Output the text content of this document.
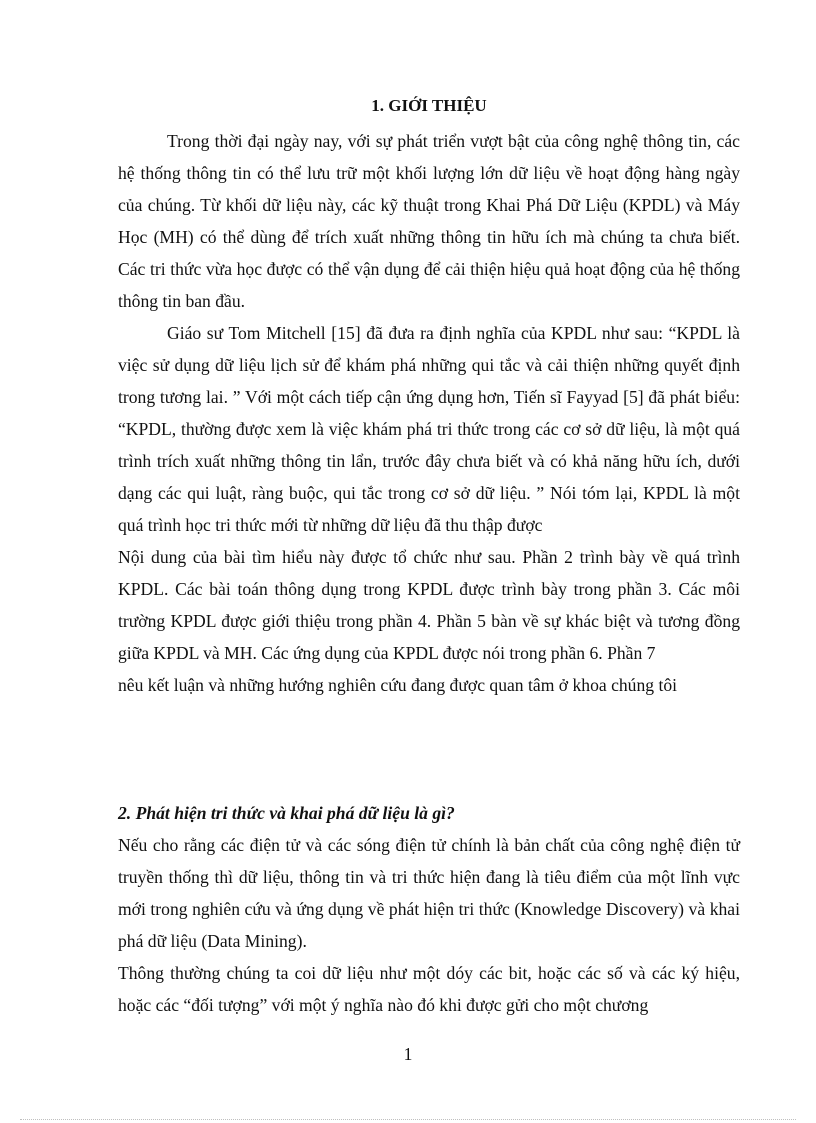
1. GIỚI THIỆU

Trong thời đại ngày nay, với sự phát triển vượt bật của công nghệ thông tin, các hệ thống thông tin có thể lưu trữ một khối lượng lớn dữ liệu về hoạt động hàng ngày của chúng. Từ khối dữ liệu này, các kỹ thuật trong Khai Phá Dữ Liệu (KPDL) và Máy Học (MH) có thể dùng để trích xuất những thông tin hữu ích mà chúng ta chưa biết. Các tri thức vừa học được có thể vận dụng để cải thiện hiệu quả hoạt động của hệ thống thông tin ban đầu.

Giáo sư Tom Mitchell [15] đã đưa ra định nghĩa của KPDL như sau: “KPDL là việc sử dụng dữ liệu lịch sử để khám phá những qui tắc và cải thiện những quyết định trong tương lai. ” Với một cách tiếp cận ứng dụng hơn, Tiến sĩ Fayyad [5] đã phát biểu: “KPDL, thường được xem là việc khám phá tri thức trong các cơ sở dữ liệu, là một quá trình trích xuất những thông tin lẩn, trước đây chưa biết và có khả năng hữu ích, dưới dạng các qui luật, ràng buộc, qui tắc trong cơ sở dữ liệu. ” Nói tóm lại, KPDL là một quá trình học tri thức mới từ những dữ liệu đã thu thập được

Nội dung của bài tìm hiểu này được tổ chức như sau. Phần 2 trình bày về quá trình KPDL. Các bài toán thông dụng trong KPDL được trình bày trong phần 3. Các môi trường KPDL được giới thiệu trong phần 4. Phần 5 bàn về sự khác biệt và tương đồng giữa KPDL và MH. Các ứng dụng của KPDL được nói trong phần 6. Phần 7

nêu kết luận và những hướng nghiên cứu đang được quan tâm ở khoa chúng tôi

2. Phát hiện tri thức và khai phá dữ liệu là gì?

Nếu cho rằng các điện tử và các sóng điện tử chính là bản chất của công nghệ điện tử truyền thống thì dữ liệu, thông tin và tri thức hiện đang là tiêu điểm của một lĩnh vực mới trong nghiên cứu và ứng dụng về phát hiện tri thức (Knowledge Discovery) và khai phá dữ liệu (Data Mining).

Thông thường chúng ta coi dữ liệu như một dóy các bit, hoặc các số và các ký hiệu, hoặc các “đối tượng” với một ý nghĩa nào đó khi được gửi cho một chương

1
